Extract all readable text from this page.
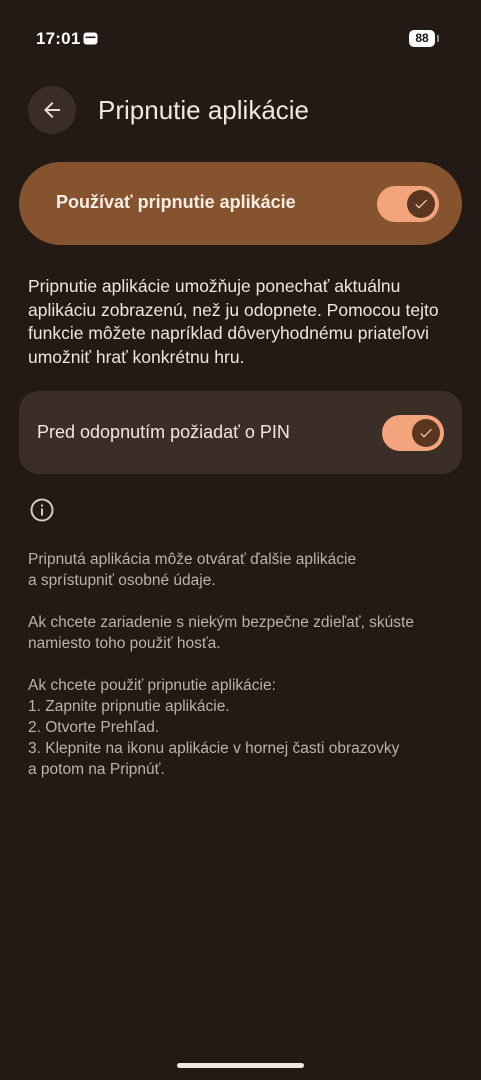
17:01	88
Pripnutie aplikácie
Používať pripnutie aplikácie
Pripnutie aplikácie umožňuje ponechať aktuálnu aplikáciu zobrazenú, než ju odopnete. Pomocou tejto funkcie môžete napríklad dôveryhodnému priateľovi umožniť hrať konkrétnu hru.
Pred odopnutím požiadať o PIN
Pripnutá aplikácia môže otvárať ďalšie aplikácie
a sprístupniť osobné údaje.
Ak chcete zariadenie s niekým bezpečne zdieľať, skúste
namiesto toho použiť hosťa.
Ak chcete použiť pripnutie aplikácie:
1. Zapnite pripnutie aplikácie.
2. Otvorte Prehľad.
3. Klepnite na ikonu aplikácie v hornej časti obrazovky
a potom na Pripnúť.
